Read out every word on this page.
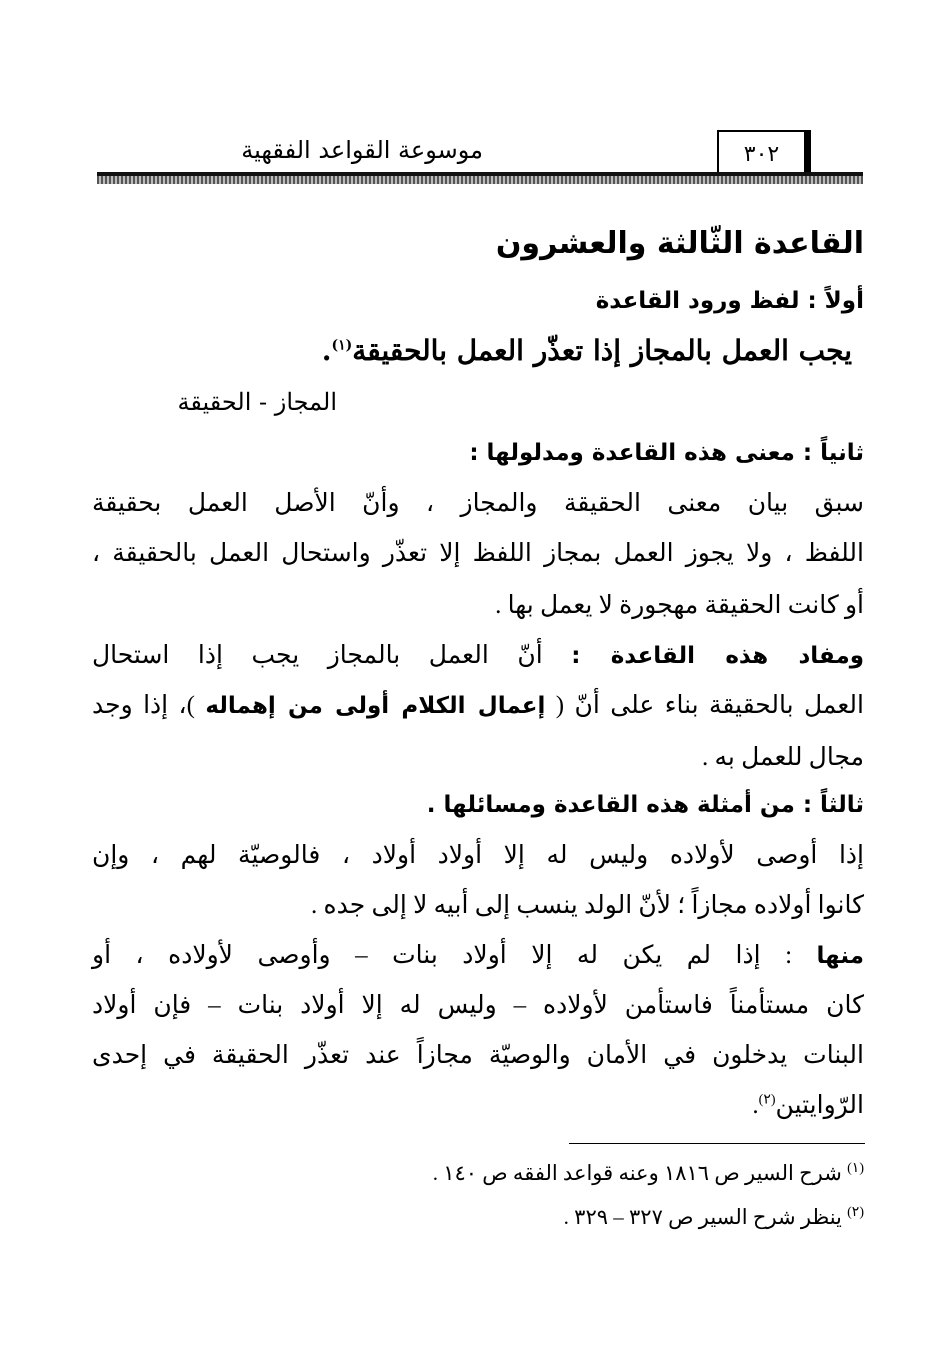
موسوعة القواعد الفقهية	٣٠٢
القاعدة الثّالثة والعشرون
أولاً : لفظ ورود القاعدة
يجب العمل بالمجاز إذا تعذّر العمل بالحقيقة$^{(١)}$.
المجاز - الحقيقة
ثانياً : معنى هذه القاعدة ومدلولها :
سبق بيان معنى الحقيقة والمجاز ، وأنّ الأصل العمل بحقيقة
اللفظ ، ولا يجوز العمل بمجاز اللفظ إلا تعذّر واستحال العمل بالحقيقة ،
أو كانت الحقيقة مهجورة لا يعمل بها .
ومفاد هذه القاعدة : أنّ العمل بالمجاز يجب إذا استحال
العمل بالحقيقة بناء على أنّ ( إعمال الكلام أولى من إهماله )، إذا وجد
مجال للعمل به .
ثالثاً : من أمثلة هذه القاعدة ومسائلها .
إذا أوصى لأولاده وليس له إلا أولاد أولاد ، فالوصيّة لهم ، وإن
كانوا أولاده مجازاً ؛ لأنّ الولد ينسب إلى أبيه لا إلى جده .
منها : إذا لم يكن له إلا أولاد بنات – وأوصى لأولاده ، أو
كان مستأمناً فاستأمن لأولاده – وليس له إلا أولاد بنات – فإن أولاد
البنات يدخلون في الأمان والوصيّة مجازاً عند تعذّر الحقيقة في إحدى
الرّوايتين$^{(٢)}$.
$^{(١)}$ شرح السير ص ١٨١٦ وعنه قواعد الفقه ص ١٤٠ .
$^{(٢)}$ ينظر شرح السير ص ٣٢٧ – ٣٢٩ .
